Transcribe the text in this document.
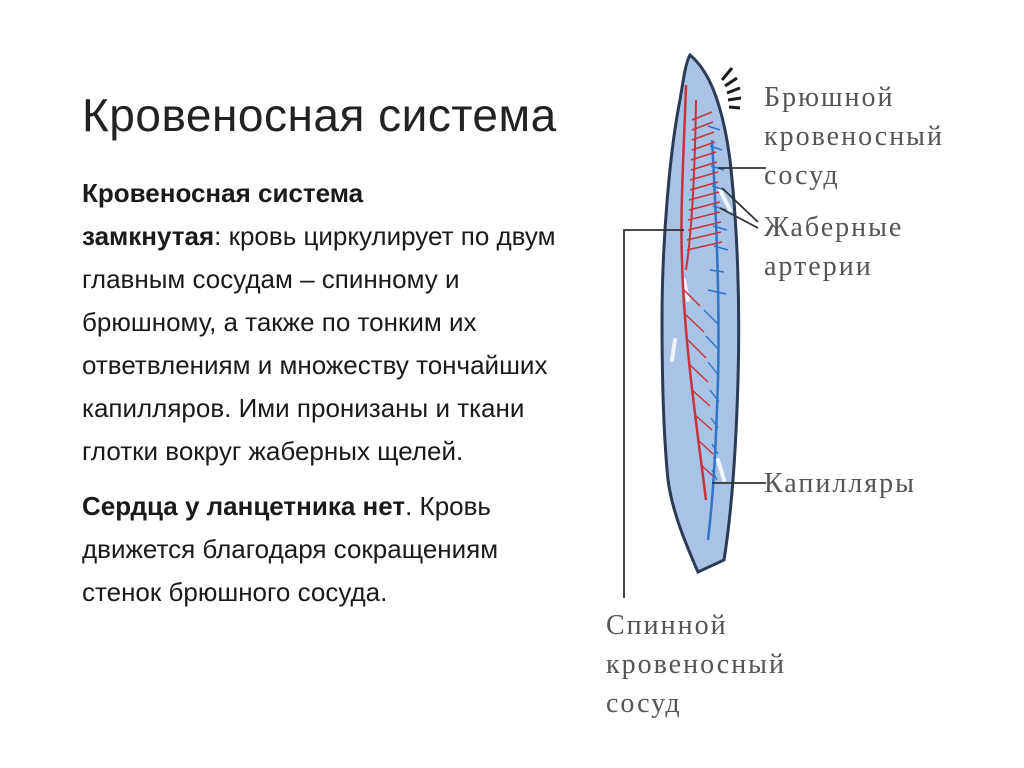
Кровеносная система

Кровеносная система
замкнутая: кровь циркулирует по двум главным сосудам – спинному и брюшному, а также по тонким их ответвлениям и множеству тончайших капилляров. Ими пронизаны и ткани глотки вокруг жаберных щелей.

Сердца у ланцетника нет. Кровь движется благодаря сокращениям стенок брюшного сосуда.

Брюшной
кровеносный
сосуд
Жаберные
артерии
Капилляры
Спинной
кровеносный
сосуд
